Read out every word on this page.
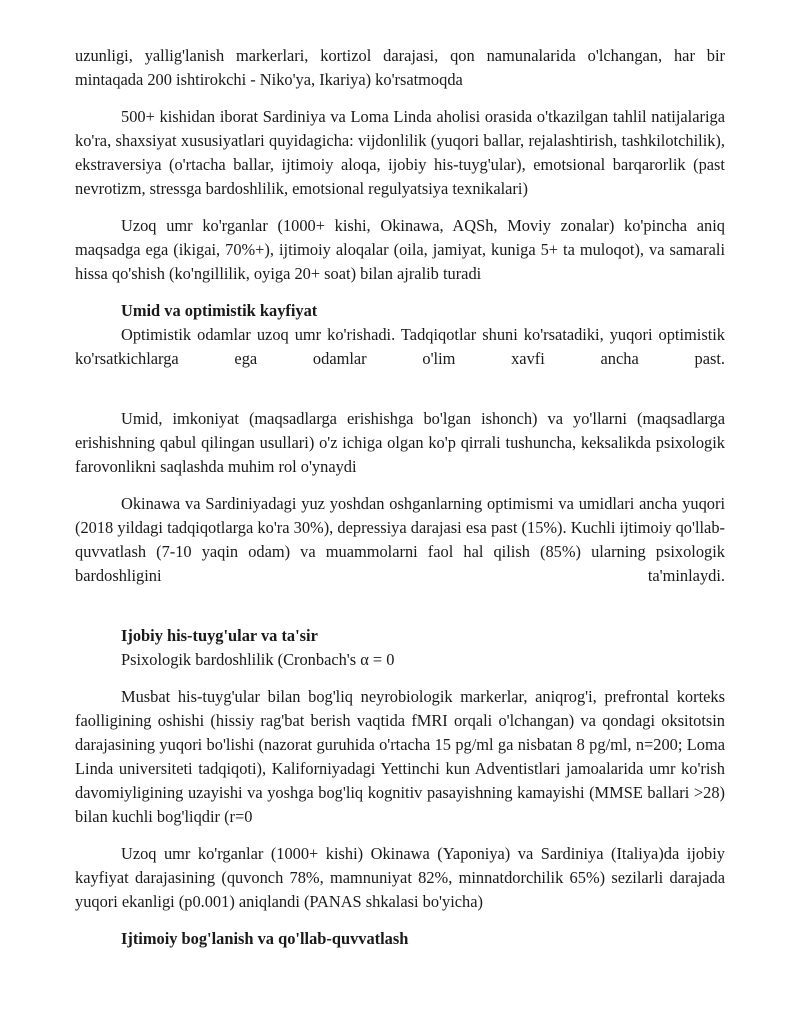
uzunligi, yallig'lanish markerlari, kortizol darajasi, qon namunalarida o'lchangan, har bir mintaqada 200 ishtirokchi - Niko'ya, Ikariya) ko'rsatmoqda

500+ kishidan iborat Sardiniya va Loma Linda aholisi orasida o'tkazilgan tahlil natijalariga ko'ra, shaxsiyat xususiyatlari quyidagicha: vijdonlilik (yuqori ballar, rejalashtirish, tashkilotchilik), ekstraversiya (o'rtacha ballar, ijtimoiy aloqa, ijobiy his-tuyg'ular), emotsional barqarorlik (past nevrotizm, stressga bardoshlilik, emotsional regulyatsiya texnikalari)

Uzoq umr ko'rganlar (1000+ kishi, Okinawa, AQSh, Moviy zonalar) ko'pincha aniq maqsadga ega (ikigai, 70%+), ijtimoiy aloqalar (oila, jamiyat, kuniga 5+ ta muloqot), va samarali hissa qo'shish (ko'ngillilik, oyiga 20+ soat) bilan ajralib turadi

Umid va optimistik kayfiyat

Optimistik odamlar uzoq umr ko'rishadi. Tadqiqotlar shuni ko'rsatadiki, yuqori optimistik ko'rsatkichlarga ega odamlar o'lim xavfi ancha past.

Umid, imkoniyat (maqsadlarga erishishga bo'lgan ishonch) va yo'llarni (maqsadlarga erishishning qabul qilingan usullari) o'z ichiga olgan ko'p qirrali tushuncha, keksalikda psixologik farovonlikni saqlashda muhim rol o'ynaydi

Okinawa va Sardiniyadagi yuz yoshdan oshganlarning optimismi va umidlari ancha yuqori (2018 yildagi tadqiqotlarga ko'ra 30%), depressiya darajasi esa past (15%). Kuchli ijtimoiy qo'llab-quvvatlash (7-10 yaqin odam) va muammolarni faol hal qilish (85%) ularning psixologik bardoshligini ta'minlaydi.

Ijobiy his-tuyg'ular va ta'sir

Psixologik bardoshlilik (Cronbach's α = 0

Musbat his-tuyg'ular bilan bog'liq neyrobiologik markerlar, aniqrog'i, prefrontal korteks faolligining oshishi (hissiy rag'bat berish vaqtida fMRI orqali o'lchangan) va qondagi oksitotsin darajasining yuqori bo'lishi (nazorat guruhida o'rtacha 15 pg/ml ga nisbatan 8 pg/ml, n=200; Loma Linda universiteti tadqiqoti), Kaliforniyadagi Yettinchi kun Adventistlari jamoalarida umr ko'rish davomiyligining uzayishi va yoshga bog'liq kognitiv pasayishning kamayishi (MMSE ballari >28) bilan kuchli bog'liqdir (r=0

Uzoq umr ko'rganlar (1000+ kishi) Okinawa (Yaponiya) va Sardiniya (Italiya)da ijobiy kayfiyat darajasining (quvonch 78%, mamnuniyat 82%, minnatdorchilik 65%) sezilarli darajada yuqori ekanligi (p0.001) aniqlandi (PANAS shkalasi bo'yicha)

Ijtimoiy bog'lanish va qo'llab-quvvatlash
